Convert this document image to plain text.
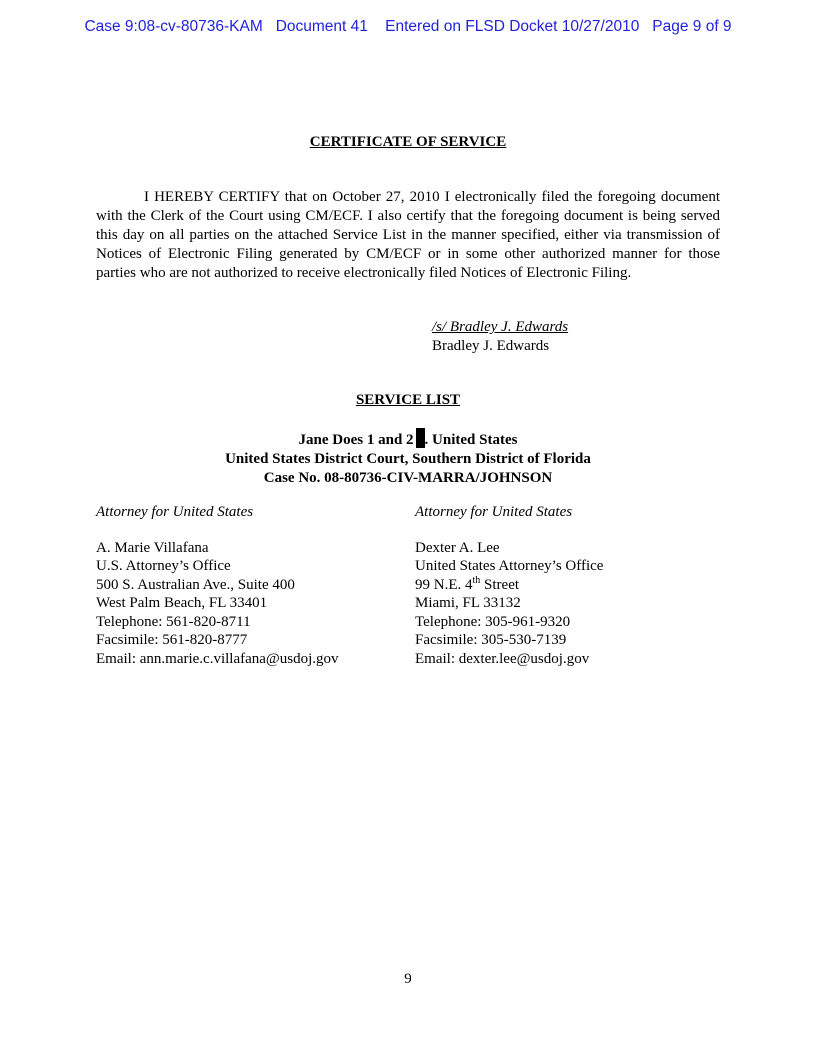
Case 9:08-cv-80736-KAM Document 41 Entered on FLSD Docket 10/27/2010 Page 9 of 9
CERTIFICATE OF SERVICE
I HEREBY CERTIFY that on October 27, 2010 I electronically filed the foregoing document with the Clerk of the Court using CM/ECF. I also certify that the foregoing document is being served this day on all parties on the attached Service List in the manner specified, either via transmission of Notices of Electronic Filing generated by CM/ECF or in some other authorized manner for those parties who are not authorized to receive electronically filed Notices of Electronic Filing.
/s/ Bradley J. Edwards
Bradley J. Edwards
SERVICE LIST
Jane Does 1 and 2 . United States
United States District Court, Southern District of Florida
Case No. 08-80736-CIV-MARRA/JOHNSON
Attorney for United States
A. Marie Villafana
U.S. Attorney’s Office
500 S. Australian Ave., Suite 400
West Palm Beach, FL 33401
Telephone: 561-820-8711
Facsimile: 561-820-8777
Email: ann.marie.c.villafana@usdoj.gov
Attorney for United States
Dexter A. Lee
United States Attorney’s Office
99 N.E. 4th Street
Miami, FL 33132
Telephone: 305-961-9320
Facsimile: 305-530-7139
Email: dexter.lee@usdoj.gov
9
